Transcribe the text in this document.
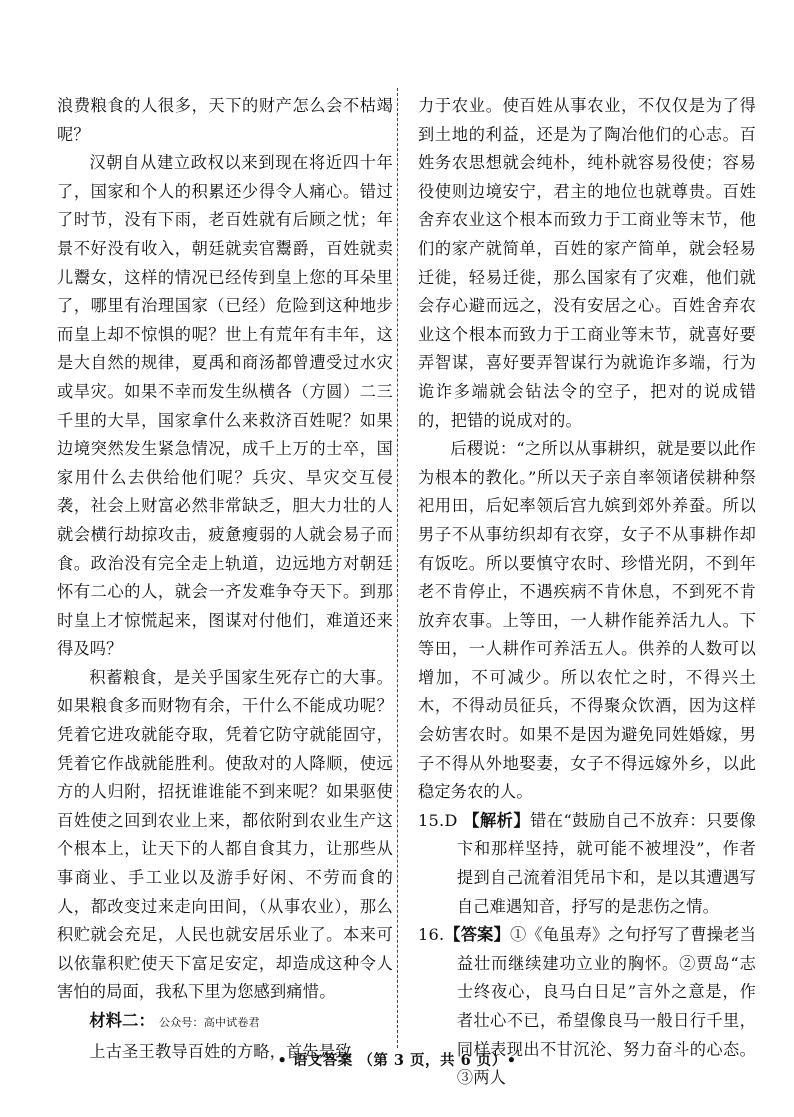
浪费粮食的人很多，天下的财产怎么会不枯竭呢？

汉朝自从建立政权以来到现在将近四十年了，国家和个人的积累还少得令人痛心。错过了时节，没有下雨，老百姓就有后顾之忧；年景不好没有收入，朝廷就卖官鬻爵，百姓就卖儿鬻女，这样的情况已经传到皇上您的耳朵里了，哪里有治理国家（已经）危险到这种地步而皇上却不惊惧的呢？世上有荒年有丰年，这是大自然的规律，夏禹和商汤都曾遭受过水灾或旱灾。如果不幸而发生纵横各（方圆）二三千里的大旱，国家拿什么来救济百姓呢？如果边境突然发生紧急情况，成千上万的士卒，国家用什么去供给他们呢？兵灾、旱灾交互侵袭，社会上财富必然非常缺乏，胆大力壮的人就会横行劫掠攻击，疲惫瘦弱的人就会易子而食。政治没有完全走上轨道，边远地方对朝廷怀有二心的人，就会一齐发难争夺天下。到那时皇上才惊慌起来，图谋对付他们，难道还来得及吗？

积蓄粮食，是关乎国家生死存亡的大事。如果粮食多而财物有余，干什么不能成功呢？凭着它进攻就能夺取，凭着它防守就能固守，凭着它作战就能胜利。使敌对的人降顺，使远方的人归附，招抚谁谁能不到来呢？如果驱使百姓使之回到农业上来，都依附到农业生产这个根本上，让天下的人都自食其力，让那些从事商业、手工业以及游手好闲、不劳而食的人，都改变过来走向田间，（从事农业），那么积贮就会充足，人民也就安居乐业了。本来可以依靠积贮使天下富足安定，却造成这种令人害怕的局面，我私下里为您感到痛惜。

材料二： 公众号：高中试卷君

上古圣王教导百姓的方略，首先是致

力于农业。使百姓从事农业，不仅仅是为了得到土地的利益，还是为了陶冶他们的心志。百姓务农思想就会纯朴，纯朴就容易役使；容易役使则边境安宁，君主的地位也就尊贵。百姓舍弃农业这个根本而致力于工商业等末节，他们的家产就简单，百姓的家产简单，就会轻易迁徙，轻易迁徙，那么国家有了灾难，他们就会存心避而远之，没有安居之心。百姓舍弃农业这个根本而致力于工商业等末节，就喜好要弄智谋，喜好要弄智谋行为就诡诈多端，行为诡诈多端就会钻法令的空子，把对的说成错的，把错的说成对的。

后稷说：“之所以从事耕织，就是要以此作为根本的教化。”所以天子亲自率领诸侯耕种祭祀用田，后妃率领后宫九嫔到郊外养蚕。所以男子不从事纺织却有衣穿，女子不从事耕作却有饭吃。所以要慎守农时、珍惜光阴，不到年老不肯停止，不遇疾病不肯休息，不到死不肯放弃农事。上等田，一人耕作能养活九人。下等田，一人耕作可养活五人。供养的人数可以增加，不可减少。所以农忙之时，不得兴土木，不得动员征兵，不得聚众饮酒，因为这样会妨害农时。如果不是因为避免同姓婚嫁，男子不得从外地娶妻，女子不得远嫁外乡，以此稳定务农的人。

15.D 【解析】错在“鼓励自己不放弃：只要像卞和那样坚持，就可能不被埋没”，作者提到自己流着泪凭吊卞和，是以其遭遇写自己难遇知音，抒写的是悲伤之情。

16.【答案】①《龟虽寿》之句抒写了曹操老当益壮而继续建功立业的胸怀。②贾岛“志士终夜心，良马白日足”言外之意是，作者壮心不已，希望像良马一般日行千里，同样表现出不甘沉沦、努力奋斗的心态。③两人

• 语文答案 （第 3 页，共 6 页）•
